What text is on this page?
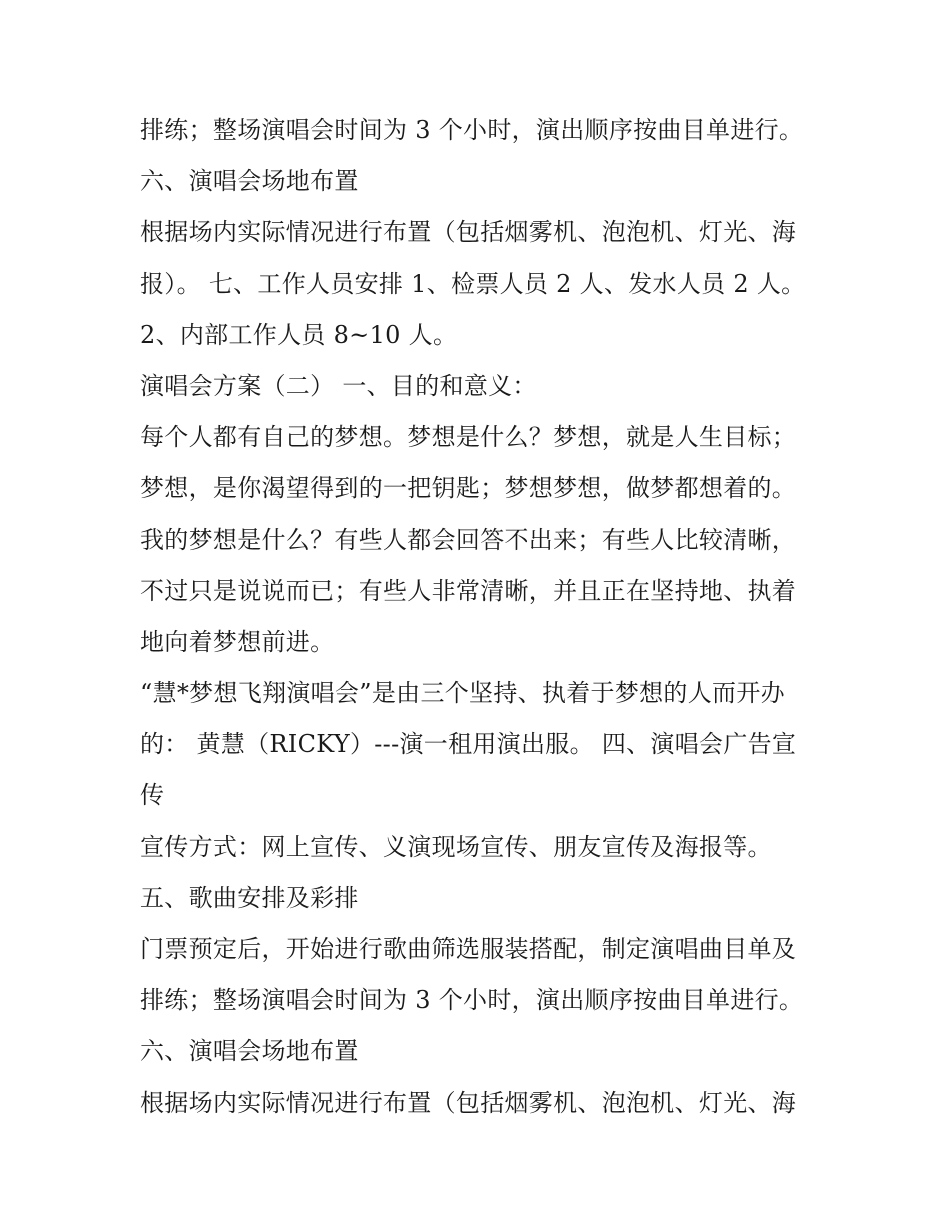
排练；整场演唱会时间为 3 个小时，演出顺序按曲目单进行。
六、演唱会场地布置
根据场内实际情况进行布置（包括烟雾机、泡泡机、灯光、海
报）。 七、工作人员安排 1、检票人员 2 人、发水人员 2 人。
2、内部工作人员 8~10 人。
演唱会方案（二） 一、目的和意义：
每个人都有自己的梦想。梦想是什么？梦想，就是人生目标；
梦想，是你渴望得到的一把钥匙；梦想梦想，做梦都想着的。
我的梦想是什么？有些人都会回答不出来；有些人比较清晰，
不过只是说说而已；有些人非常清晰，并且正在坚持地、执着
地向着梦想前进。
“慧*梦想飞翔演唱会”是由三个坚持、执着于梦想的人而开办
的： 黄慧（RICKY）---演一租用演出服。 四、演唱会广告宣
传
宣传方式：网上宣传、义演现场宣传、朋友宣传及海报等。
五、歌曲安排及彩排
门票预定后，开始进行歌曲筛选服装搭配，制定演唱曲目单及
排练；整场演唱会时间为 3 个小时，演出顺序按曲目单进行。
六、演唱会场地布置
根据场内实际情况进行布置（包括烟雾机、泡泡机、灯光、海
